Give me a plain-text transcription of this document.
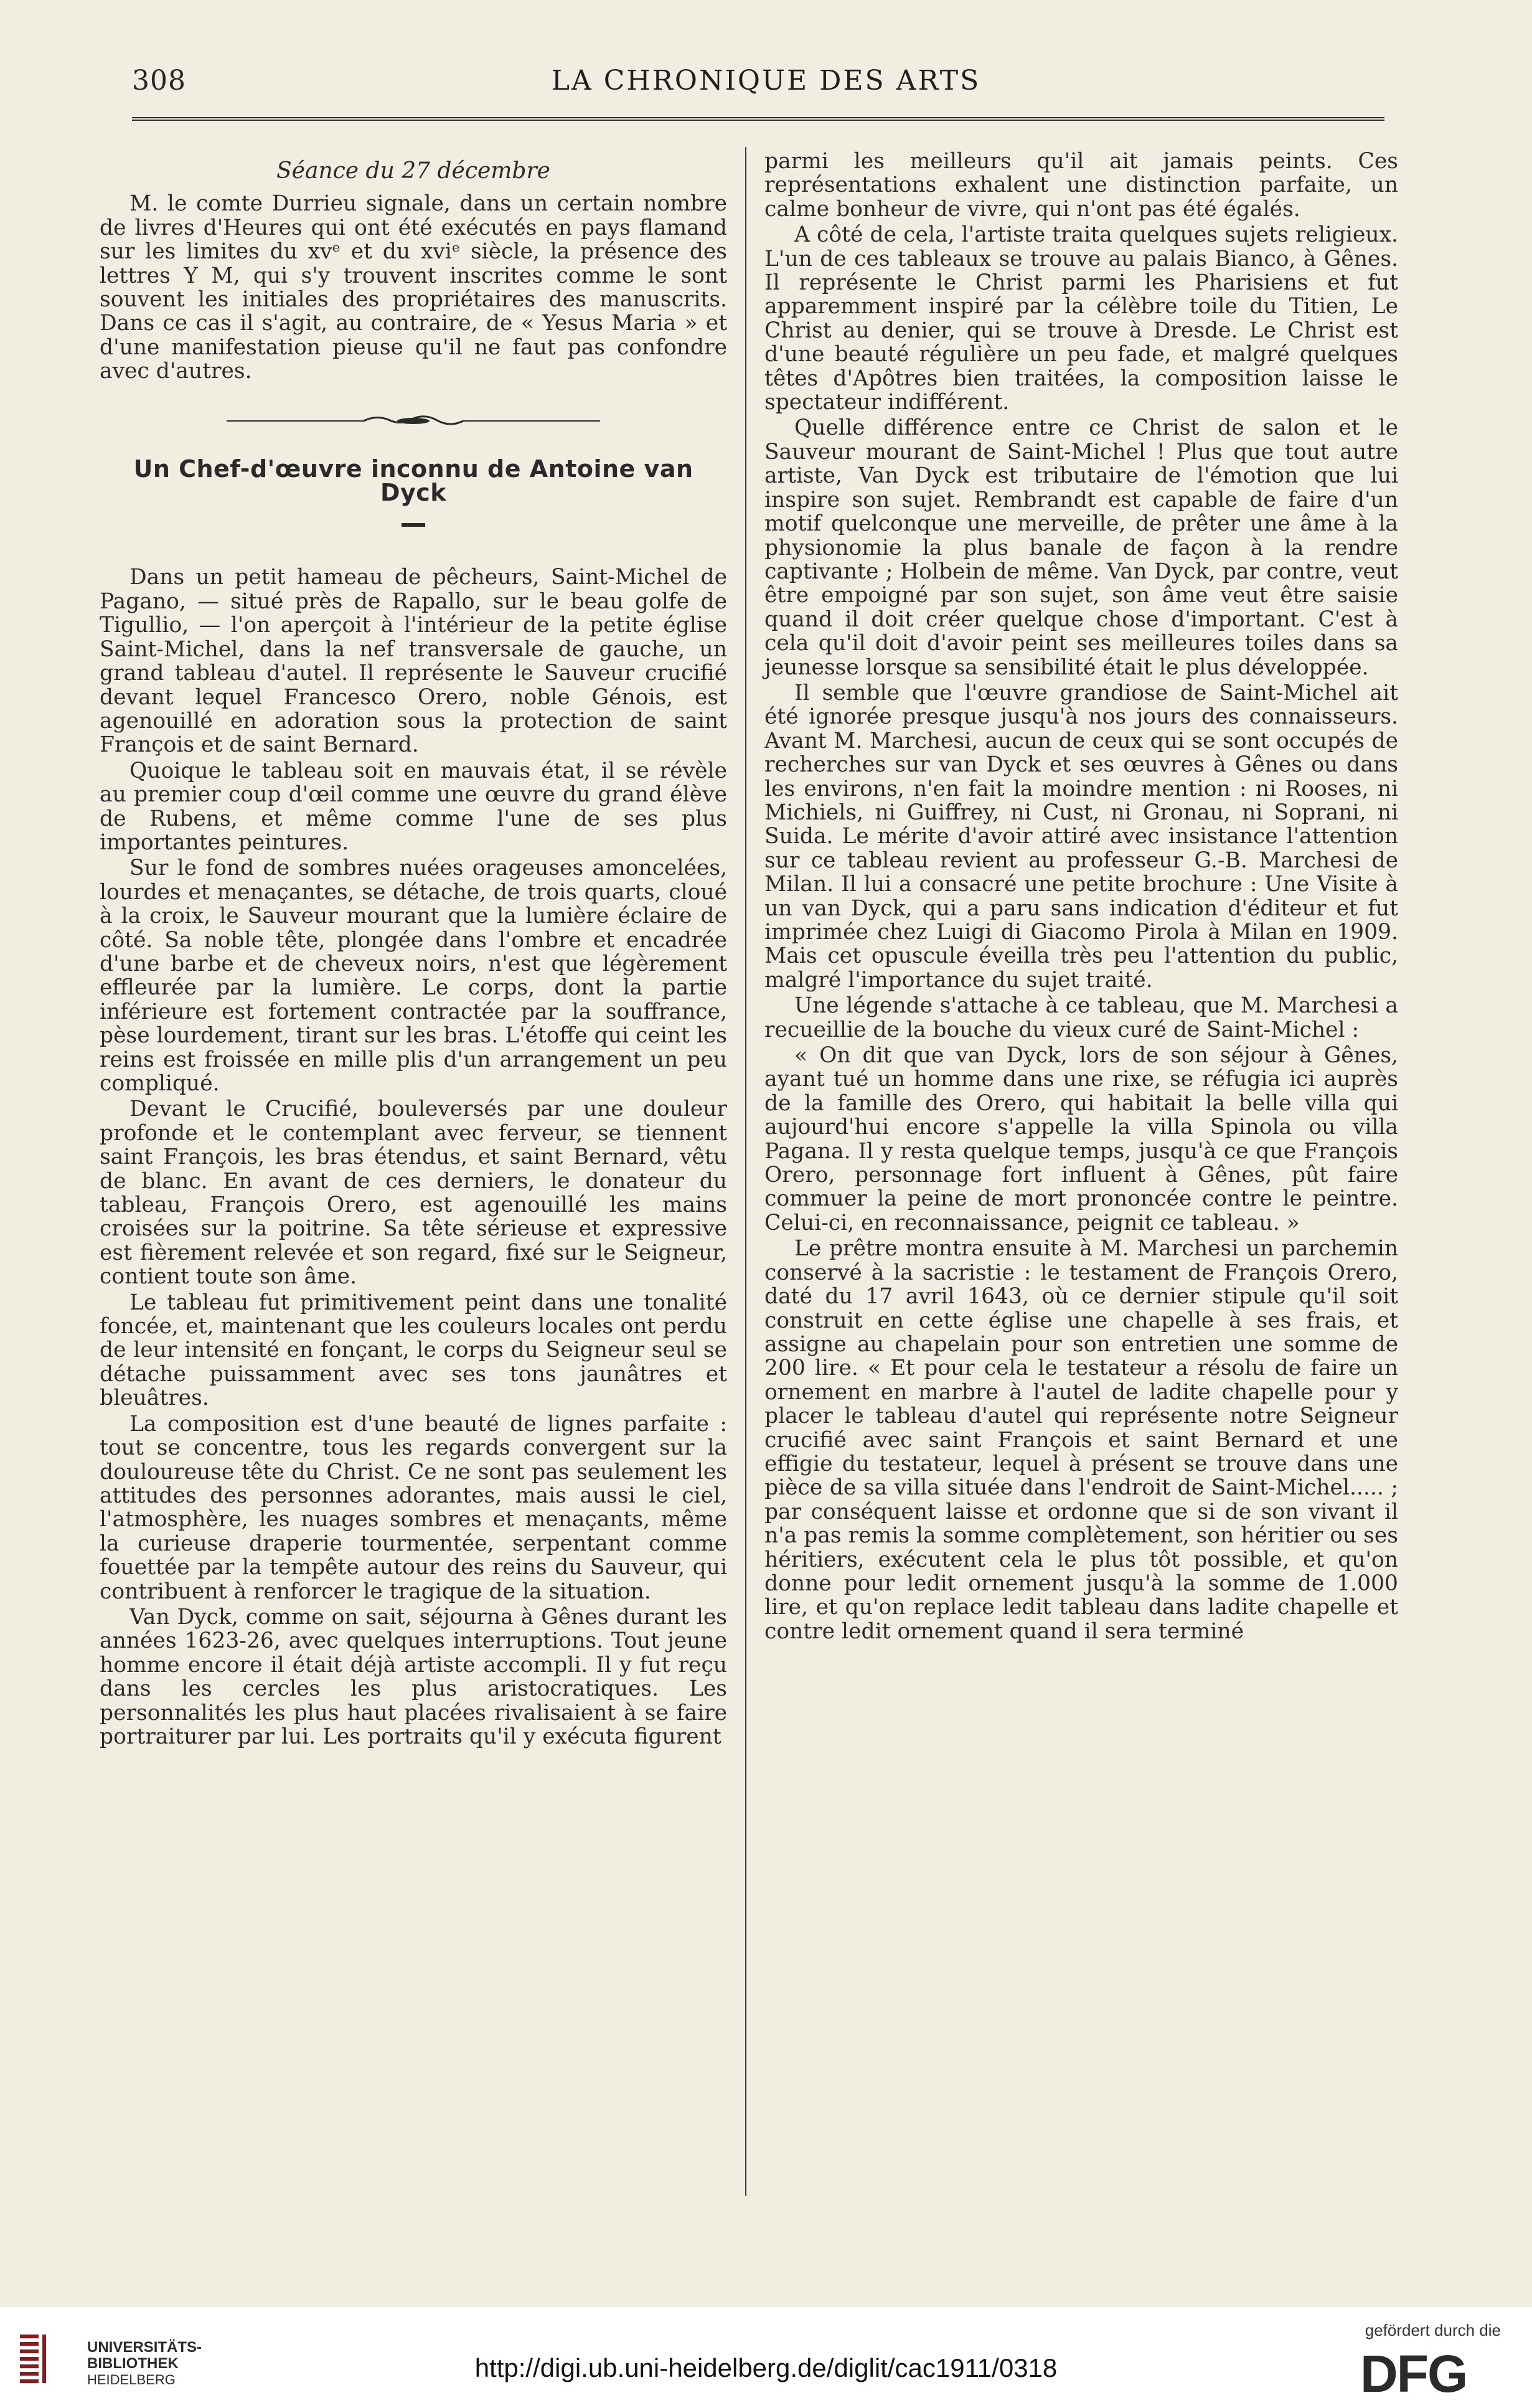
308	LA CHRONIQUE DES ARTS
Séance du 27 décembre

M. le comte Durrieu signale, dans un certain nombre de livres d'Heures qui ont été exécutés en pays flamand sur les limites du xvᵉ et du xviᵉ siècle, la présence des lettres Y M, qui s'y trouvent inscrites comme le sont souvent les initiales des propriétaires des manuscrits. Dans ce cas il s'agit, au contraire, de « Yesus Maria » et d'une manifestation pieuse qu'il ne faut pas confondre avec d'autres.

Un Chef-d'œuvre inconnu de Antoine van Dyck

Dans un petit hameau de pêcheurs, Saint-Michel de Pagano, — situé près de Rapallo, sur le beau golfe de Tigullio, — l'on aperçoit à l'intérieur de la petite église Saint-Michel, dans la nef transversale de gauche, un grand tableau d'autel. Il représente le Sauveur crucifié devant lequel Francesco Orero, noble Génois, est agenouillé en adoration sous la protection de saint François et de saint Bernard.

Quoique le tableau soit en mauvais état, il se révèle au premier coup d'œil comme une œuvre du grand élève de Rubens, et même comme l'une de ses plus importantes peintures.

Sur le fond de sombres nuées orageuses amoncelées, lourdes et menaçantes, se détache, de trois quarts, cloué à la croix, le Sauveur mourant que la lumière éclaire de côté. Sa noble tête, plongée dans l'ombre et encadrée d'une barbe et de cheveux noirs, n'est que légèrement effleurée par la lumière. Le corps, dont la partie inférieure est fortement contractée par la souffrance, pèse lourdement, tirant sur les bras. L'étoffe qui ceint les reins est froissée en mille plis d'un arrangement un peu compliqué.

Devant le Crucifié, bouleversés par une douleur profonde et le contemplant avec ferveur, se tiennent saint François, les bras étendus, et saint Bernard, vêtu de blanc. En avant de ces derniers, le donateur du tableau, François Orero, est agenouillé les mains croisées sur la poitrine. Sa tête sérieuse et expressive est fièrement relevée et son regard, fixé sur le Seigneur, contient toute son âme.

Le tableau fut primitivement peint dans une tonalité foncée, et, maintenant que les couleurs locales ont perdu de leur intensité en fonçant, le corps du Seigneur seul se détache puissamment avec ses tons jaunâtres et bleuâtres.

La composition est d'une beauté de lignes parfaite : tout se concentre, tous les regards convergent sur la douloureuse tête du Christ. Ce ne sont pas seulement les attitudes des personnes adorantes, mais aussi le ciel, l'atmosphère, les nuages sombres et menaçants, même la curieuse draperie tourmentée, serpentant comme fouettée par la tempête autour des reins du Sauveur, qui contribuent à renforcer le tragique de la situation.

Van Dyck, comme on sait, séjourna à Gênes durant les années 1623-26, avec quelques interruptions. Tout jeune homme encore il était déjà artiste accompli. Il y fut reçu dans les cercles les plus aristocratiques. Les personnalités les plus haut placées rivalisaient à se faire portraiturer par lui. Les portraits qu'il y exécuta figurent

parmi les meilleurs qu'il ait jamais peints. Ces représentations exhalent une distinction parfaite, un calme bonheur de vivre, qui n'ont pas été égalés.

A côté de cela, l'artiste traita quelques sujets religieux. L'un de ces tableaux se trouve au palais Bianco, à Gênes. Il représente le Christ parmi les Pharisiens et fut apparemment inspiré par la célèbre toile du Titien, Le Christ au denier, qui se trouve à Dresde. Le Christ est d'une beauté régulière un peu fade, et malgré quelques têtes d'Apôtres bien traitées, la composition laisse le spectateur indifférent.

Quelle différence entre ce Christ de salon et le Sauveur mourant de Saint-Michel ! Plus que tout autre artiste, Van Dyck est tributaire de l'émotion que lui inspire son sujet. Rembrandt est capable de faire d'un motif quelconque une merveille, de prêter une âme à la physionomie la plus banale de façon à la rendre captivante ; Holbein de même. Van Dyck, par contre, veut être empoigné par son sujet, son âme veut être saisie quand il doit créer quelque chose d'important. C'est à cela qu'il doit d'avoir peint ses meilleures toiles dans sa jeunesse lorsque sa sensibilité était le plus développée.

Il semble que l'œuvre grandiose de Saint-Michel ait été ignorée presque jusqu'à nos jours des connaisseurs. Avant M. Marchesi, aucun de ceux qui se sont occupés de recherches sur van Dyck et ses œuvres à Gênes ou dans les environs, n'en fait la moindre mention : ni Rooses, ni Michiels, ni Guiffrey, ni Cust, ni Gronau, ni Soprani, ni Suida. Le mérite d'avoir attiré avec insistance l'attention sur ce tableau revient au professeur G.-B. Marchesi de Milan. Il lui a consacré une petite brochure : Une Visite à un van Dyck, qui a paru sans indication d'éditeur et fut imprimée chez Luigi di Giacomo Pirola à Milan en 1909. Mais cet opuscule éveilla très peu l'attention du public, malgré l'importance du sujet traité.

Une légende s'attache à ce tableau, que M. Marchesi a recueillie de la bouche du vieux curé de Saint-Michel :

« On dit que van Dyck, lors de son séjour à Gênes, ayant tué un homme dans une rixe, se réfugia ici auprès de la famille des Orero, qui habitait la belle villa qui aujourd'hui encore s'appelle la villa Spinola ou villa Pagana. Il y resta quelque temps, jusqu'à ce que François Orero, personnage fort influent à Gênes, pût faire commuer la peine de mort prononcée contre le peintre. Celui-ci, en reconnaissance, peignit ce tableau. »

Le prêtre montra ensuite à M. Marchesi un parchemin conservé à la sacristie : le testament de François Orero, daté du 17 avril 1643, où ce dernier stipule qu'il soit construit en cette église une chapelle à ses frais, et assigne au chapelain pour son entretien une somme de 200 lire. « Et pour cela le testateur a résolu de faire un ornement en marbre à l'autel de ladite chapelle pour y placer le tableau d'autel qui représente notre Seigneur crucifié avec saint François et saint Bernard et une effigie du testateur, lequel à présent se trouve dans une pièce de sa villa située dans l'endroit de Saint-Michel..... ; par conséquent laisse et ordonne que si de son vivant il n'a pas remis la somme complètement, son héritier ou ses héritiers, exécutent cela le plus tôt possible, et qu'on donne pour ledit ornement jusqu'à la somme de 1.000 lire, et qu'on replace ledit tableau dans ladite chapelle et contre ledit ornement quand il sera terminé

UNIVERSITÄTS-
BIBLIOTHEK
HEIDELBERG	http://digi.ub.uni-heidelberg.de/diglit/cac1911/0318
gefördert durch die
DFG
